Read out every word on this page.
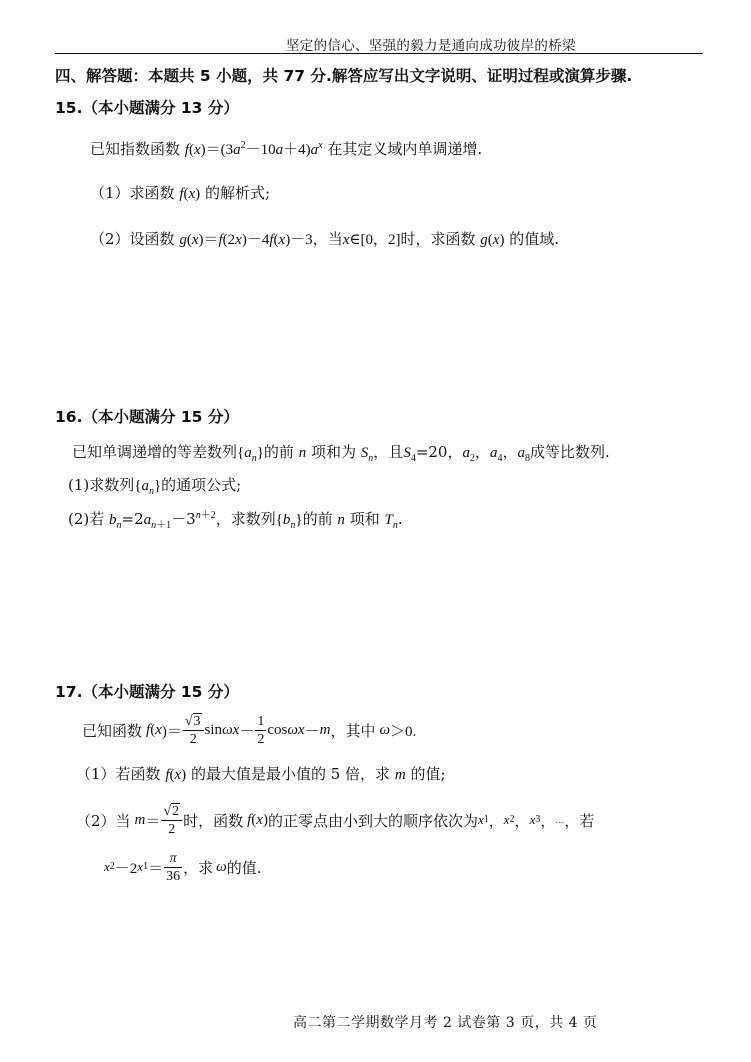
坚定的信心、坚强的毅力是通向成功彼岸的桥梁
四、解答题：本题共 5 小题，共 77 分.解答应写出文字说明、证明过程或演算步骤.
15.（本小题满分 13 分）
已知指数函数 $f(x)=(3a^2-10a+4)a^x$ 在其定义域内单调递增.
（1）求函数 f(x) 的解析式;
（2）设函数 g(x)＝f(2x)－4f(x)－3，当x∈[0，2]时，求函数 g(x) 的值域.
16.（本小题满分 15 分）
已知单调递增的等差数列$\{a_n\}$的前 n 项和为 $S_n$，且$S_4=20$，$a_2$，$a_4$，$a_8$成等比数列.
(1)求数列$\{a_n\}$的通项公式;
(2)若 $b_n=2a_{n+1}-3^{n+2}$，求数列$\{b_n\}$的前 n 项和 $T_n$.
17.（本小题满分 15 分）
已知函数 f ( x )＝ $\frac{√3}{2}$ $\sin \omega x - \frac{1}{2}$ cos ωx － m ，其中 ω ＞0.
（1）若函数 f(x) 的最大值是最小值的 5 倍，求 m 的值;
（2）当 $m = \frac{√2}{2}$ 时，函数 f ( x ) 的正零点由小到大的顺序依次为 x 1 ， x 2 ， x 3 ， … ，若
x 2 －2 x $1 = \frac{\pi}{36}$ ，求 ω 的值.
高二第二学期数学月考 2 试卷第 3 页，共 4 页
